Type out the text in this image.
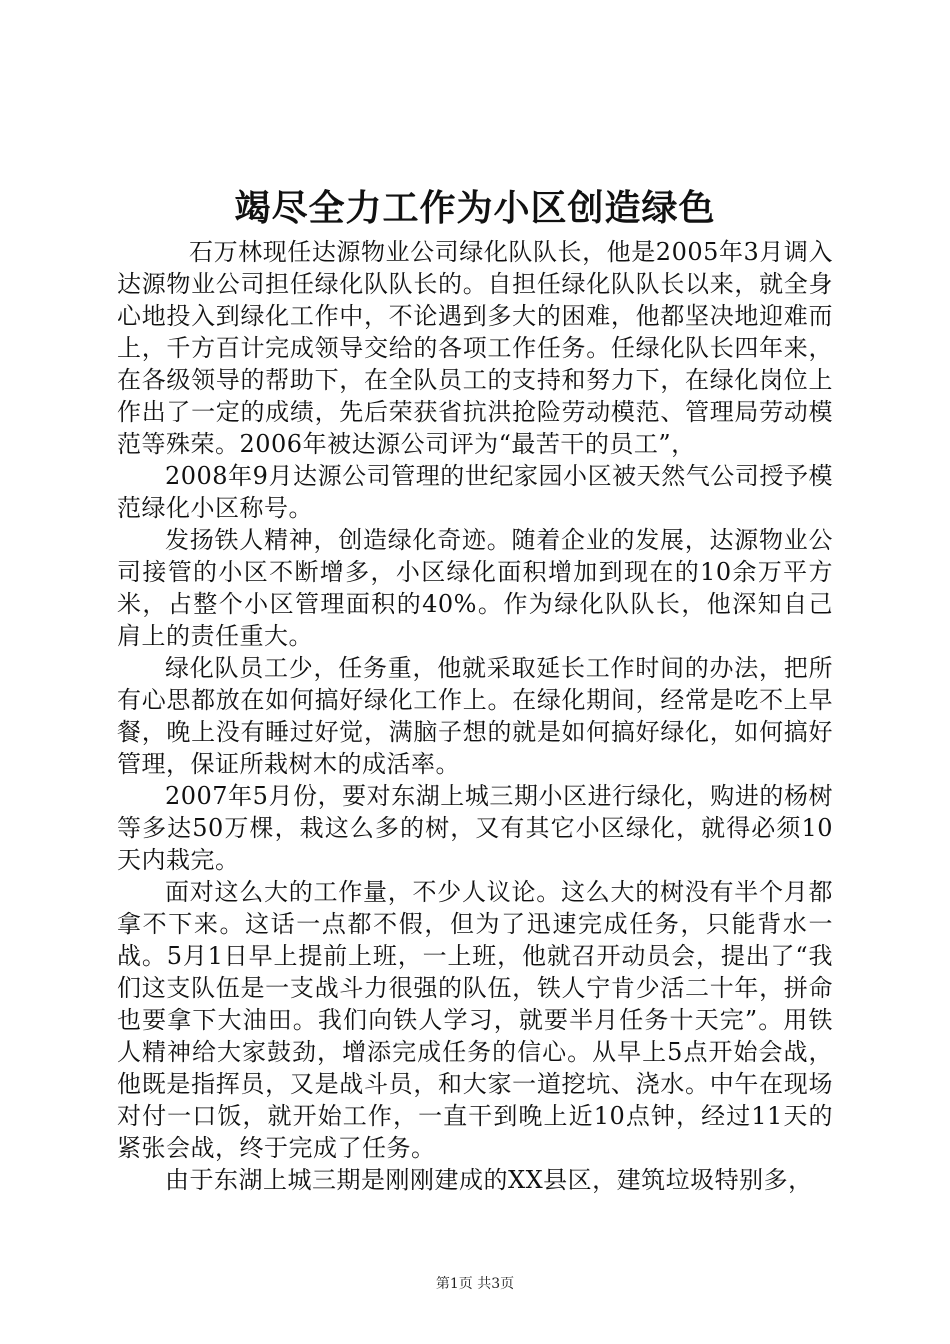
竭尽全力工作为小区创造绿色

石万林现任达源物业公司绿化队队长，他是2005年3月调入达源物业公司担任绿化队队长的。自担任绿化队队长以来，就全身心地投入到绿化工作中，不论遇到多大的困难，他都坚决地迎难而上，千方百计完成领导交给的各项工作任务。任绿化队长四年来，在各级领导的帮助下，在全队员工的支持和努力下，在绿化岗位上作出了一定的成绩，先后荣获省抗洪抢险劳动模范、管理局劳动模范等殊荣。2006年被达源公司评为“最苦干的员工”，

2008年9月达源公司管理的世纪家园小区被天然气公司授予模范绿化小区称号。

发扬铁人精神，创造绿化奇迹。随着企业的发展，达源物业公司接管的小区不断增多，小区绿化面积增加到现在的10余万平方米，占整个小区管理面积的40%。作为绿化队队长，他深知自己肩上的责任重大。

绿化队员工少，任务重，他就采取延长工作时间的办法，把所有心思都放在如何搞好绿化工作上。在绿化期间，经常是吃不上早餐，晚上没有睡过好觉，满脑子想的就是如何搞好绿化，如何搞好管理，保证所栽树木的成活率。

2007年5月份，要对东湖上城三期小区进行绿化，购进的杨树等多达50万棵，栽这么多的树，又有其它小区绿化，就得必须10天内栽完。

面对这么大的工作量，不少人议论。这么大的树没有半个月都拿不下来。这话一点都不假，但为了迅速完成任务，只能背水一战。5月1日早上提前上班，一上班，他就召开动员会，提出了“我们这支队伍是一支战斗力很强的队伍，铁人宁肯少活二十年，拼命也要拿下大油田。我们向铁人学习，就要半月任务十天完”。用铁人精神给大家鼓劲，增添完成任务的信心。从早上5点开始会战，他既是指挥员，又是战斗员，和大家一道挖坑、浇水。中午在现场对付一口饭，就开始工作，一直干到晚上近10点钟，经过11天的紧张会战，终于完成了任务。

由于东湖上城三期是刚刚建成的XX县区，建筑垃圾特别多，

第1页 共3页
